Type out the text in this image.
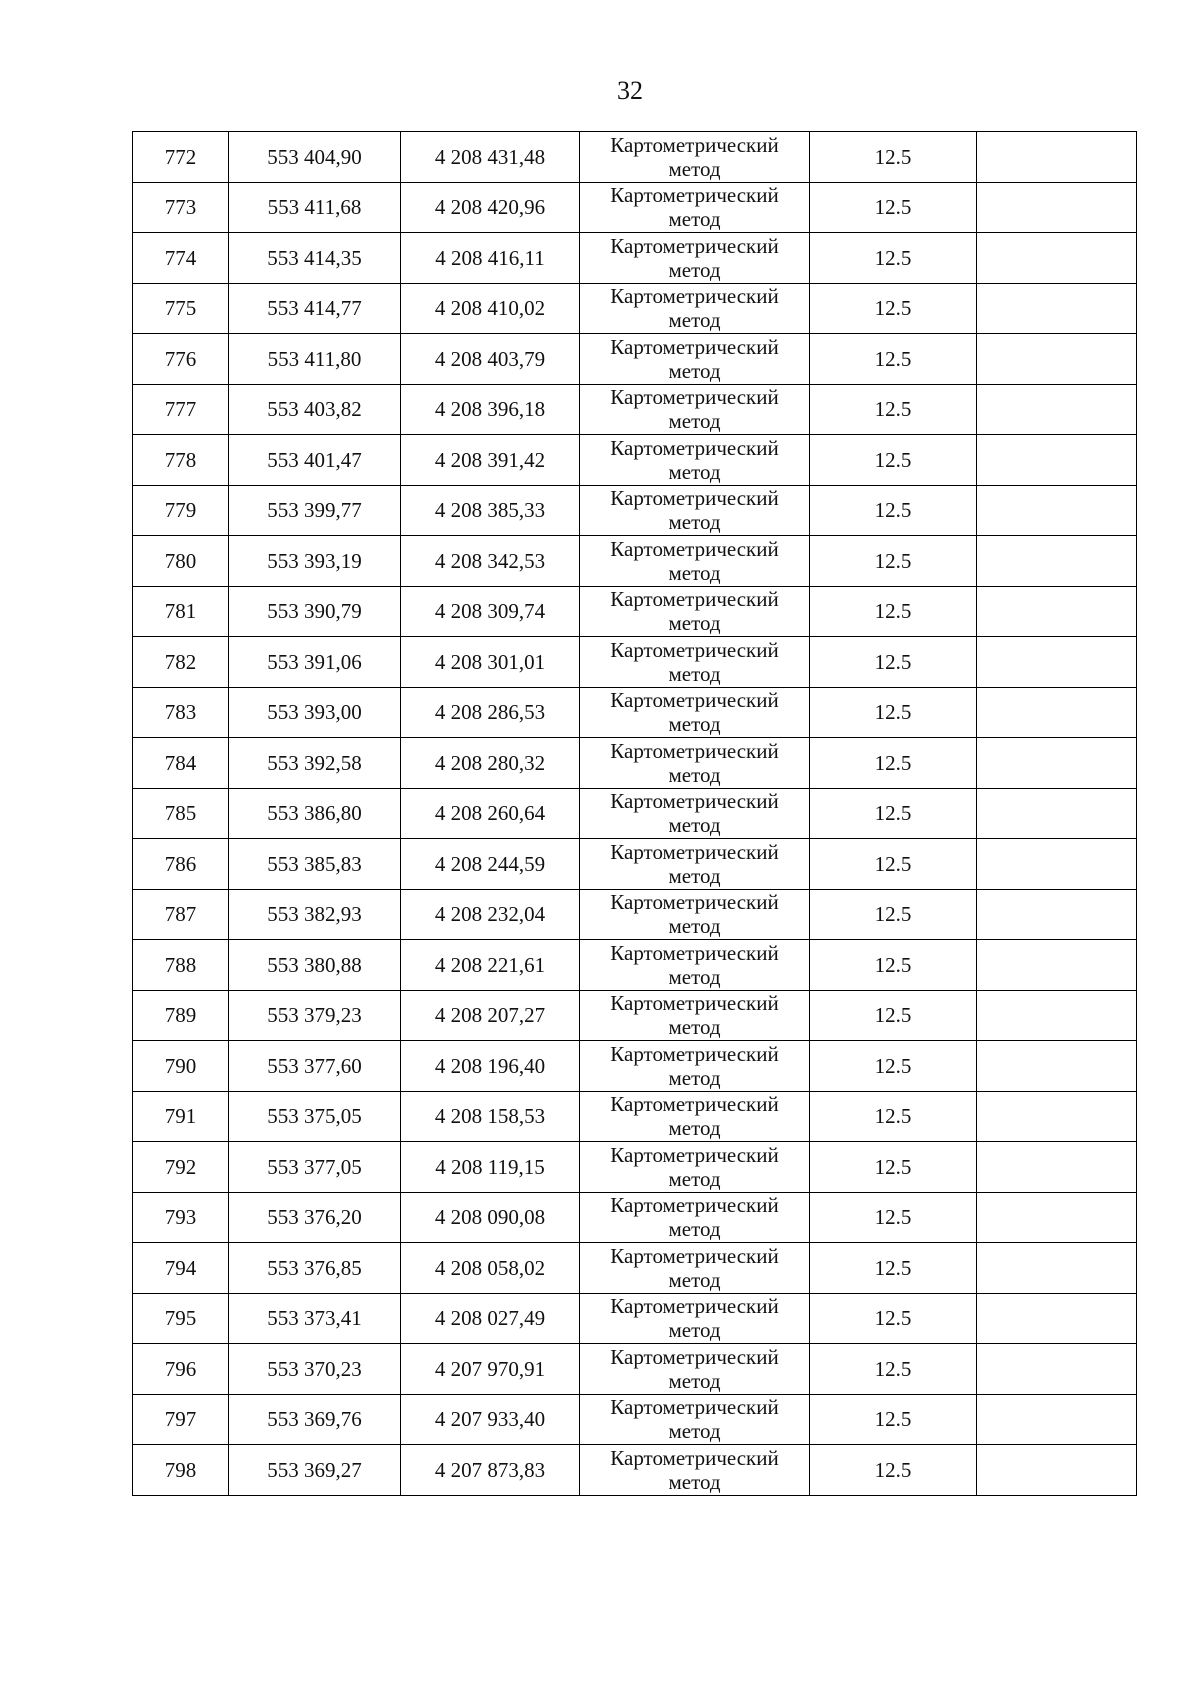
32
772	553 404,90	4 208 431,48	Картометрический
метод	12.5	
773	553 411,68	4 208 420,96	Картометрический
метод	12.5	
774	553 414,35	4 208 416,11	Картометрический
метод	12.5	
775	553 414,77	4 208 410,02	Картометрический
метод	12.5	
776	553 411,80	4 208 403,79	Картометрический
метод	12.5	
777	553 403,82	4 208 396,18	Картометрический
метод	12.5	
778	553 401,47	4 208 391,42	Картометрический
метод	12.5	
779	553 399,77	4 208 385,33	Картометрический
метод	12.5	
780	553 393,19	4 208 342,53	Картометрический
метод	12.5	
781	553 390,79	4 208 309,74	Картометрический
метод	12.5	
782	553 391,06	4 208 301,01	Картометрический
метод	12.5	
783	553 393,00	4 208 286,53	Картометрический
метод	12.5	
784	553 392,58	4 208 280,32	Картометрический
метод	12.5	
785	553 386,80	4 208 260,64	Картометрический
метод	12.5	
786	553 385,83	4 208 244,59	Картометрический
метод	12.5	
787	553 382,93	4 208 232,04	Картометрический
метод	12.5	
788	553 380,88	4 208 221,61	Картометрический
метод	12.5	
789	553 379,23	4 208 207,27	Картометрический
метод	12.5	
790	553 377,60	4 208 196,40	Картометрический
метод	12.5	
791	553 375,05	4 208 158,53	Картометрический
метод	12.5	
792	553 377,05	4 208 119,15	Картометрический
метод	12.5	
793	553 376,20	4 208 090,08	Картометрический
метод	12.5	
794	553 376,85	4 208 058,02	Картометрический
метод	12.5	
795	553 373,41	4 208 027,49	Картометрический
метод	12.5	
796	553 370,23	4 207 970,91	Картометрический
метод	12.5	
797	553 369,76	4 207 933,40	Картометрический
метод	12.5	
798	553 369,27	4 207 873,83	Картометрический
метод	12.5	
